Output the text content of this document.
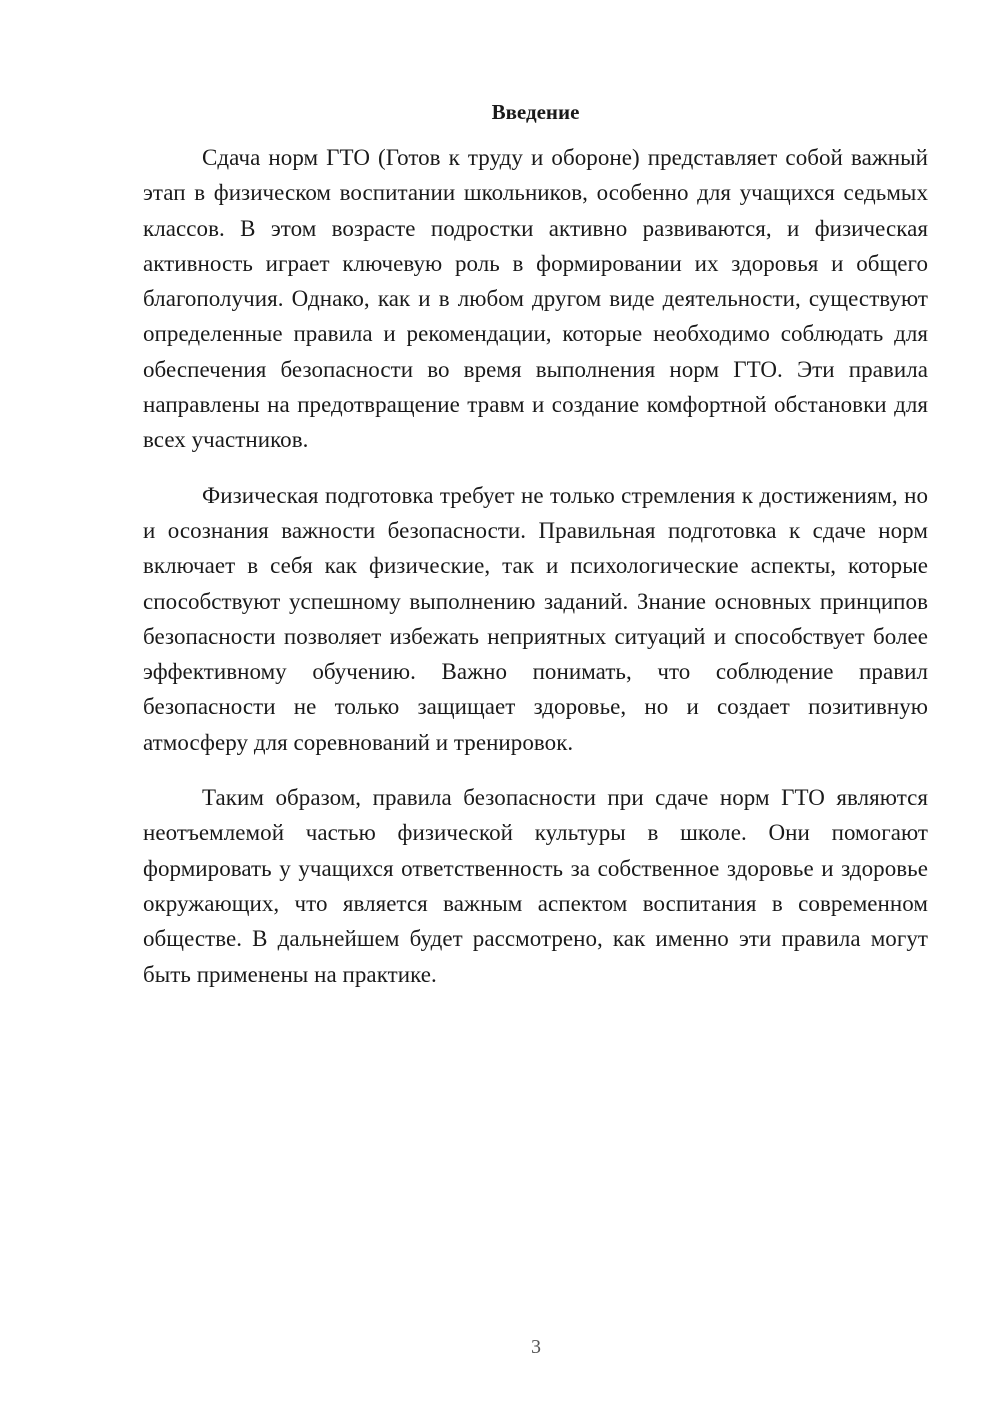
Введение

Сдача норм ГТО (Готов к труду и обороне) представляет собой важный этап в физическом воспитании школьников, особенно для учащихся седьмых классов. В этом возрасте подростки активно развиваются, и физическая активность играет ключевую роль в формировании их здоровья и общего благополучия. Однако, как и в любом другом виде деятельности, существуют определенные правила и рекомендации, которые необходимо соблюдать для обеспечения безопасности во время выполнения норм ГТО. Эти правила направлены на предотвращение травм и создание комфортной обстановки для всех участников.

Физическая подготовка требует не только стремления к достижениям, но и осознания важности безопасности. Правильная подготовка к сдаче норм включает в себя как физические, так и психологические аспекты, которые способствуют успешному выполнению заданий. Знание основных принципов безопасности позволяет избежать неприятных ситуаций и способствует более эффективному обучению. Важно понимать, что соблюдение правил безопасности не только защищает здоровье, но и создает позитивную атмосферу для соревнований и тренировок.

Таким образом, правила безопасности при сдаче норм ГТО являются неотъемлемой частью физической культуры в школе. Они помогают формировать у учащихся ответственность за собственное здоровье и здоровье окружающих, что является важным аспектом воспитания в современном обществе. В дальнейшем будет рассмотрено, как именно эти правила могут быть применены на практике.

3
